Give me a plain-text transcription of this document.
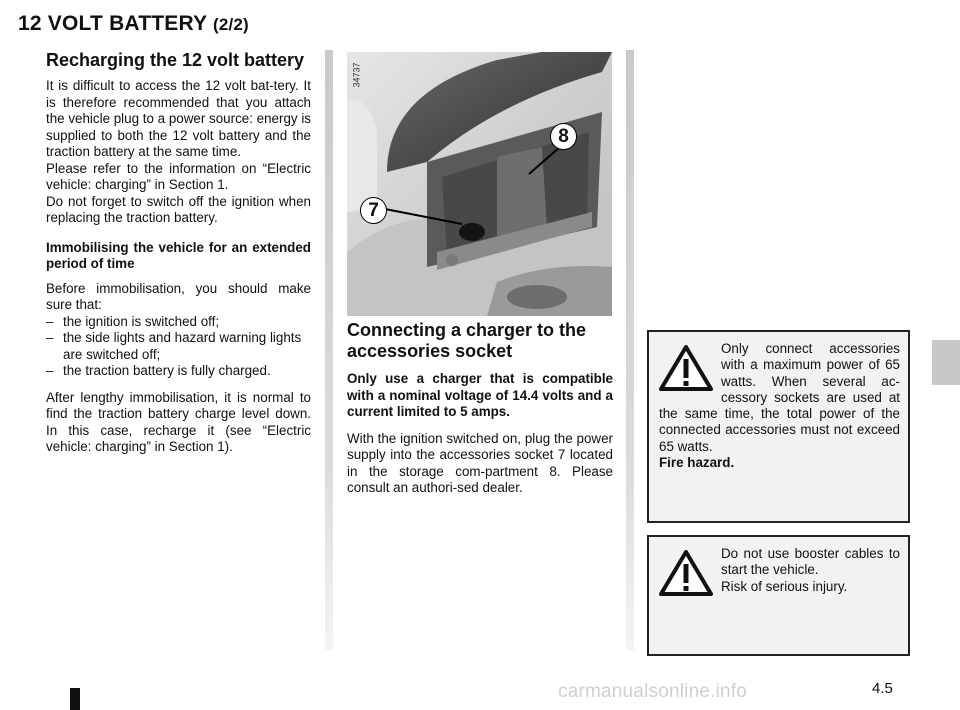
12 VOLT BATTERY (2/2)
Recharging the 12 volt battery

It is difficult to access the 12 volt bat-tery. It is therefore recommended that you attach the vehicle plug to a power source: energy is supplied to both the 12 volt battery and the traction battery at the same time.

Please refer to the information on “Electric vehicle: charging” in Section 1.

Do not forget to switch off the ignition when replacing the traction battery.

Immobilising the vehicle for an extended period of time

Before immobilisation, you should make sure that:

– the ignition is switched off;
– the side lights and hazard warning lights are switched off;
– the traction battery is fully charged.

After lengthy immobilisation, it is normal to find the traction battery charge level down. In this case, recharge it (see “Electric vehicle: charging” in Section 1).

34737
8
7
Connecting a charger to the accessories socket

Only use a charger that is compatible with a nominal voltage of 14.4 volts and a current limited to 5 amps.

With the ignition switched on, plug the power supply into the accessories socket 7 located in the storage com-partment 8. Please consult an authori-sed dealer.

Only connect accessories with a maximum power of 65 watts. When several ac-cessory sockets are used at the same time, the total power of the connected accessories must not exceed 65 watts.

Fire hazard.

Do not use booster cables to start the vehicle.

Risk of serious injury.

carmanualsonline.info	4.5
